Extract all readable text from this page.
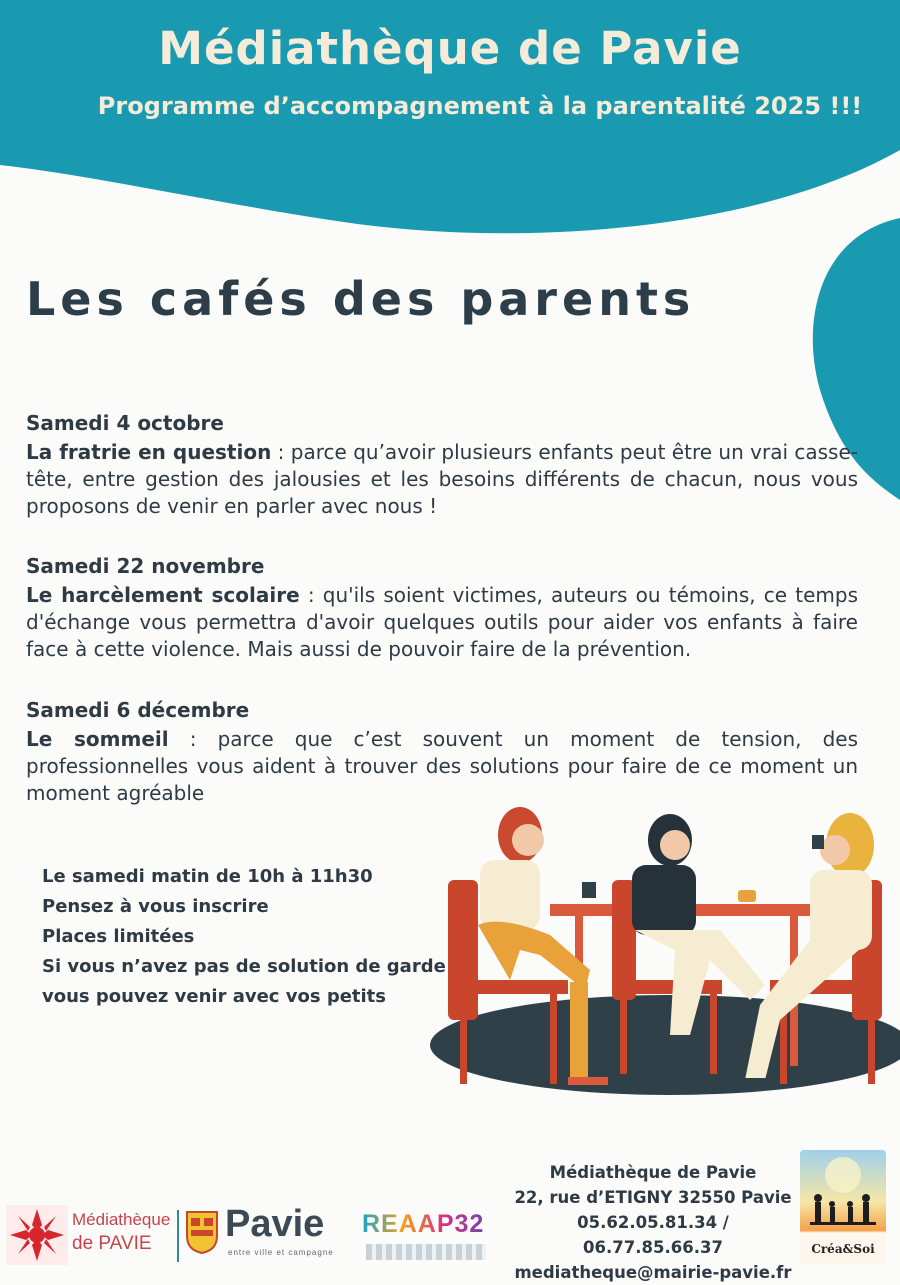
Médiathèque de Pavie
Programme d’accompagnement à la parentalité 2025 !!!
Les cafés des parents
Samedi 4 octobre

La fratrie en question : parce qu’avoir plusieurs enfants peut être un vrai casse-tête, entre gestion des jalousies et les besoins différents de chacun, nous vous proposons de venir en parler avec nous !

Samedi 22 novembre

Le harcèlement scolaire : qu'ils soient victimes, auteurs ou témoins, ce temps d'échange vous permettra d'avoir quelques outils pour aider vos enfants à faire face à cette violence. Mais aussi de pouvoir faire de la prévention.

Samedi 6 décembre

Le sommeil : parce que c’est souvent un moment de tension, des professionnelles vous aident à trouver des solutions pour faire de ce moment un moment agréable

Le samedi matin de 10h à 11h30
Pensez à vous inscrire
Places limitées
Si vous n’avez pas de solution de garde
vous pouvez venir avec vos petits
Médiathèque
de PAVIE	Pavie
entre ville et campagne
REAAP32
Médiathèque de Pavie
22, rue d’ETIGNY 32550 Pavie
05.62.05.81.34 / 06.77.85.66.37
mediatheque@mairie-pavie.fr
Créa&Soi
